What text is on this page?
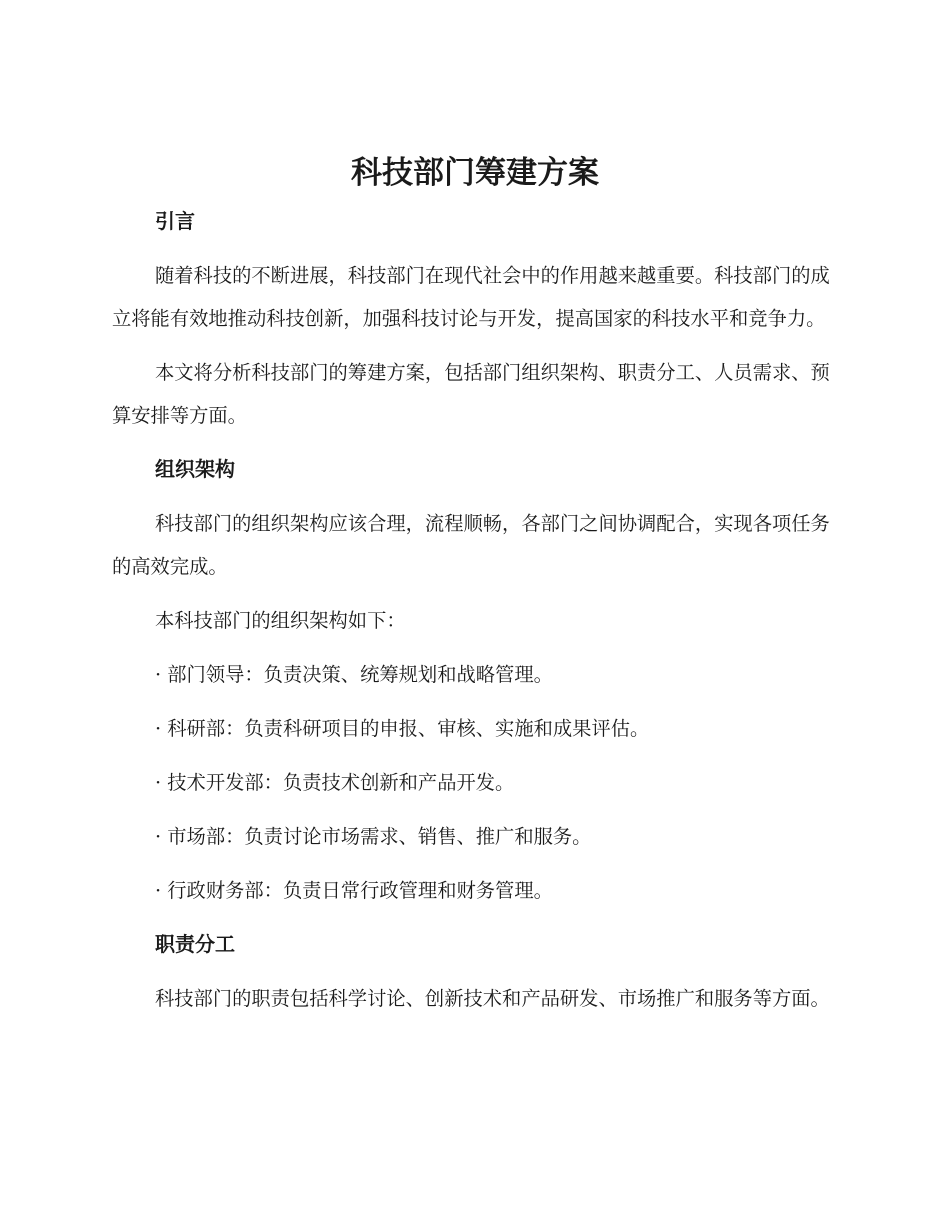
科技部门筹建方案
引言

随着科技的不断进展，科技部门在现代社会中的作用越来越重要。科技部门的成立将能有效地推动科技创新，加强科技讨论与开发，提高国家的科技水平和竞争力。

本文将分析科技部门的筹建方案，包括部门组织架构、职责分工、人员需求、预算安排等方面。

组织架构

科技部门的组织架构应该合理，流程顺畅，各部门之间协调配合，实现各项任务的高效完成。

本科技部门的组织架构如下：

· 部门领导：负责决策、统筹规划和战略管理。

· 科研部：负责科研项目的申报、审核、实施和成果评估。

· 技术开发部：负责技术创新和产品开发。

· 市场部：负责讨论市场需求、销售、推广和服务。

· 行政财务部：负责日常行政管理和财务管理。

职责分工

科技部门的职责包括科学讨论、创新技术和产品研发、市场推广和服务等方面。
